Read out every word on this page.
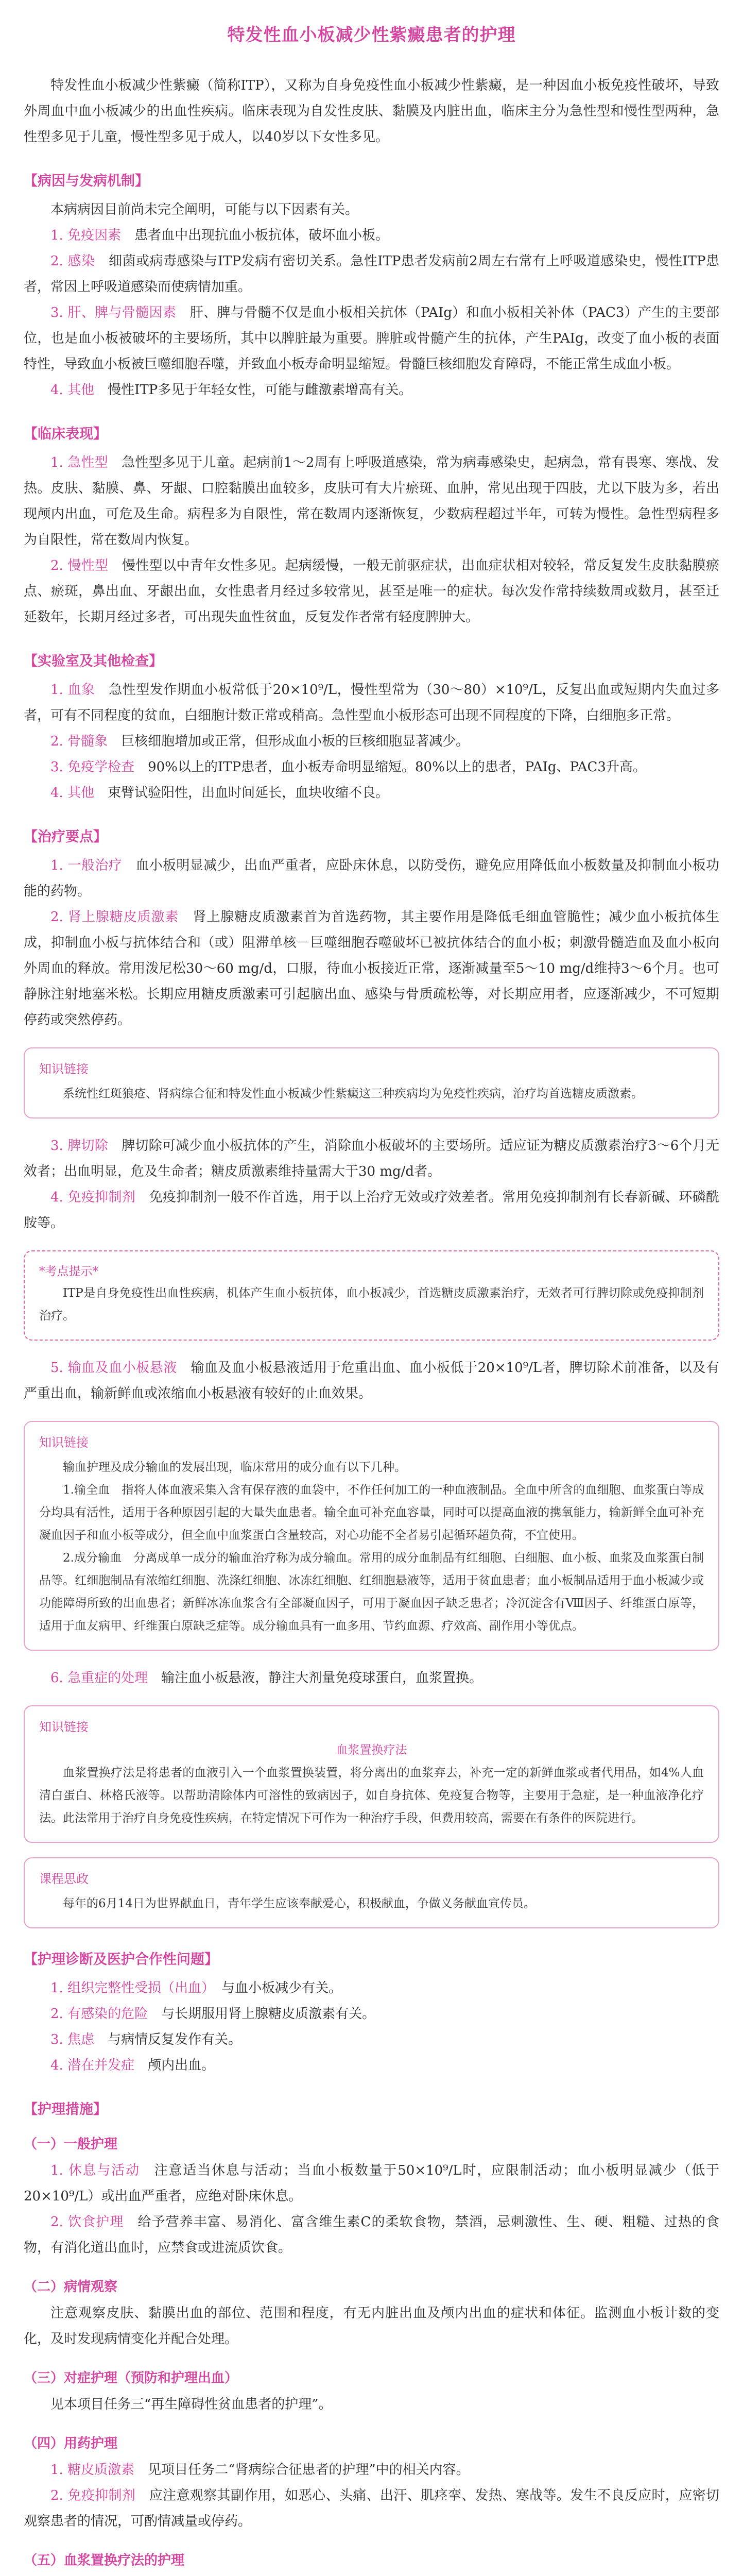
特发性血小板减少性紫癜患者的护理

特发性血小板减少性紫癜（简称ITP），又称为自身免疫性血小板减少性紫癜，是一种因血小板免疫性破坏，导致外周血中血小板减少的出血性疾病。临床表现为自发性皮肤、黏膜及内脏出血，临床主分为急性型和慢性型两种，急性型多见于儿童，慢性型多见于成人，以40岁以下女性多见。

【病因与发病机制】

本病病因目前尚未完全阐明，可能与以下因素有关。

1. 免疫因素　 患者血中出现抗血小板抗体，破坏血小板。

2. 感染　 细菌或病毒感染与ITP发病有密切关系。急性ITP患者发病前2周左右常有上呼吸道感染史，慢性ITP患者，常因上呼吸道感染而使病情加重。

3. 肝、脾与骨髓因素　 肝、脾与骨髓不仅是血小板相关抗体（PAIg）和血小板相关补体（PAC3）产生的主要部位，也是血小板被破坏的主要场所，其中以脾脏最为重要。脾脏或骨髓产生的抗体，产生PAIg，改变了血小板的表面特性，导致血小板被巨噬细胞吞噬，并致血小板寿命明显缩短。骨髓巨核细胞发育障碍，不能正常生成血小板。

4. 其他　 慢性ITP多见于年轻女性，可能与雌激素增高有关。

【临床表现】

1. 急性型　 急性型多见于儿童。起病前1～2周有上呼吸道感染，常为病毒感染史，起病急，常有畏寒、寒战、发热。皮肤、黏膜、鼻、牙龈、口腔黏膜出血较多，皮肤可有大片瘀斑、血肿，常见出现于四肢，尤以下肢为多，若出现颅内出血，可危及生命。病程多为自限性，常在数周内逐渐恢复，少数病程超过半年，可转为慢性。急性型病程多为自限性，常在数周内恢复。

2. 慢性型　 慢性型以中青年女性多见。起病缓慢，一般无前驱症状，出血症状相对较轻，常反复发生皮肤黏膜瘀点、瘀斑，鼻出血、牙龈出血，女性患者月经过多较常见，甚至是唯一的症状。每次发作常持续数周或数月，甚至迁延数年，长期月经过多者，可出现失血性贫血，反复发作者常有轻度脾肿大。

【实验室及其他检查】

1. 血象　 急性型发作期血小板常低于20×10⁹/L，慢性型常为（30～80）×10⁹/L，反复出血或短期内失血过多者，可有不同程度的贫血，白细胞计数正常或稍高。急性型血小板形态可出现不同程度的下降，白细胞多正常。

2. 骨髓象　 巨核细胞增加或正常，但形成血小板的巨核细胞显著减少。

3. 免疫学检查　 90%以上的ITP患者，血小板寿命明显缩短。80%以上的患者，PAIg、PAC3升高。

4. 其他　 束臂试验阳性，出血时间延长，血块收缩不良。

【治疗要点】

1. 一般治疗　 血小板明显减少，出血严重者，应卧床休息，以防受伤，避免应用降低血小板数量及抑制血小板功能的药物。

2. 肾上腺糖皮质激素　 肾上腺糖皮质激素首为首选药物，其主要作用是降低毛细血管脆性；减少血小板抗体生成，抑制血小板与抗体结合和（或）阻滞单核－巨噬细胞吞噬破坏已被抗体结合的血小板；刺激骨髓造血及血小板向外周血的释放。常用泼尼松30～60 mg/d，口服，待血小板接近正常，逐渐减量至5～10 mg/d维持3～6个月。也可静脉注射地塞米松。长期应用糖皮质激素可引起脑出血、感染与骨质疏松等，对长期应用者，应逐渐减少，不可短期停药或突然停药。

知识链接

系统性红斑狼疮、肾病综合征和特发性血小板减少性紫癜这三种疾病均为免疫性疾病，治疗均首选糖皮质激素。

3. 脾切除　 脾切除可减少血小板抗体的产生，消除血小板破坏的主要场所。适应证为糖皮质激素治疗3～6个月无效者；出血明显，危及生命者；糖皮质激素维持量需大于30 mg/d者。

4. 免疫抑制剂　 免疫抑制剂一般不作首选，用于以上治疗无效或疗效差者。常用免疫抑制剂有长春新碱、环磷酰胺等。

*考点提示*

ITP是自身免疫性出血性疾病，机体产生血小板抗体，血小板减少，首选糖皮质激素治疗，无效者可行脾切除或免疫抑制剂治疗。

5. 输血及血小板悬液　 输血及血小板悬液适用于危重出血、血小板低于20×10⁹/L者，脾切除术前准备，以及有严重出血，输新鲜血或浓缩血小板悬液有较好的止血效果。

知识链接

输血护理及成分输血的发展出现，临床常用的成分血有以下几种。

1.输全血　指将人体血液采集入含有保存液的血袋中，不作任何加工的一种血液制品。全血中所含的血细胞、血浆蛋白等成分均具有活性，适用于各种原因引起的大量失血患者。输全血可补充血容量，同时可以提高血液的携氧能力，输新鲜全血可补充凝血因子和血小板等成分，但全血中血浆蛋白含量较高，对心功能不全者易引起循环超负荷，不宜使用。

2.成分输血　分离成单一成分的输血治疗称为成分输血。常用的成分血制品有红细胞、白细胞、血小板、血浆及血浆蛋白制品等。红细胞制品有浓缩红细胞、洗涤红细胞、冰冻红细胞、红细胞悬液等，适用于贫血患者；血小板制品适用于血小板减少或功能障碍所致的出血患者；新鲜冰冻血浆含有全部凝血因子，可用于凝血因子缺乏患者；冷沉淀含有Ⅷ因子、纤维蛋白原等，适用于血友病甲、纤维蛋白原缺乏症等。成分输血具有一血多用、节约血源、疗效高、副作用小等优点。

6. 急重症的处理　 输注血小板悬液，静注大剂量免疫球蛋白，血浆置换。

知识链接

血浆置换疗法

血浆置换疗法是将患者的血液引入一个血浆置换装置，将分离出的血浆弃去，补充一定的新鲜血浆或者代用品，如4%人血清白蛋白、林格氏液等。以帮助清除体内可溶性的致病因子，如自身抗体、免疫复合物等，主要用于急症，是一种血液净化疗法。此法常用于治疗自身免疫性疾病，在特定情况下可作为一种治疗手段，但费用较高，需要在有条件的医院进行。

课程思政

每年的6月14日为世界献血日，青年学生应该奉献爱心，积极献血，争做义务献血宣传员。

【护理诊断及医护合作性问题】

1. 组织完整性受损（出血）　 与血小板减少有关。

2. 有感染的危险　 与长期服用肾上腺糖皮质激素有关。

3. 焦虑　 与病情反复发作有关。

4. 潜在并发症　 颅内出血。

【护理措施】
（一）一般护理

1. 休息与活动　 注意适当休息与活动；当血小板数量于50×10⁹/L时，应限制活动；血小板明显减少（低于20×10⁹/L）或出血严重者，应绝对卧床休息。

2. 饮食护理　 给予营养丰富、易消化、富含维生素C的柔软食物，禁酒，忌刺激性、生、硬、粗糙、过热的食物，有消化道出血时，应禁食或进流质饮食。

（二）病情观察

注意观察皮肤、黏膜出血的部位、范围和程度，有无内脏出血及颅内出血的症状和体征。监测血小板计数的变化，及时发现病情变化并配合处理。

（三）对症护理（预防和护理出血）

见本项目任务三“再生障碍性贫血患者的护理”。

（四）用药护理

1. 糖皮质激素　 见项目任务二“肾病综合征患者的护理”中的相关内容。

2. 免疫抑制剂　 应注意观察其副作用，如恶心、头痛、出汗、肌痉挛、发热、寒战等。发生不良反应时，应密切观察患者的情况，可酌情减量或停药。

（五）血浆置换疗法的护理
